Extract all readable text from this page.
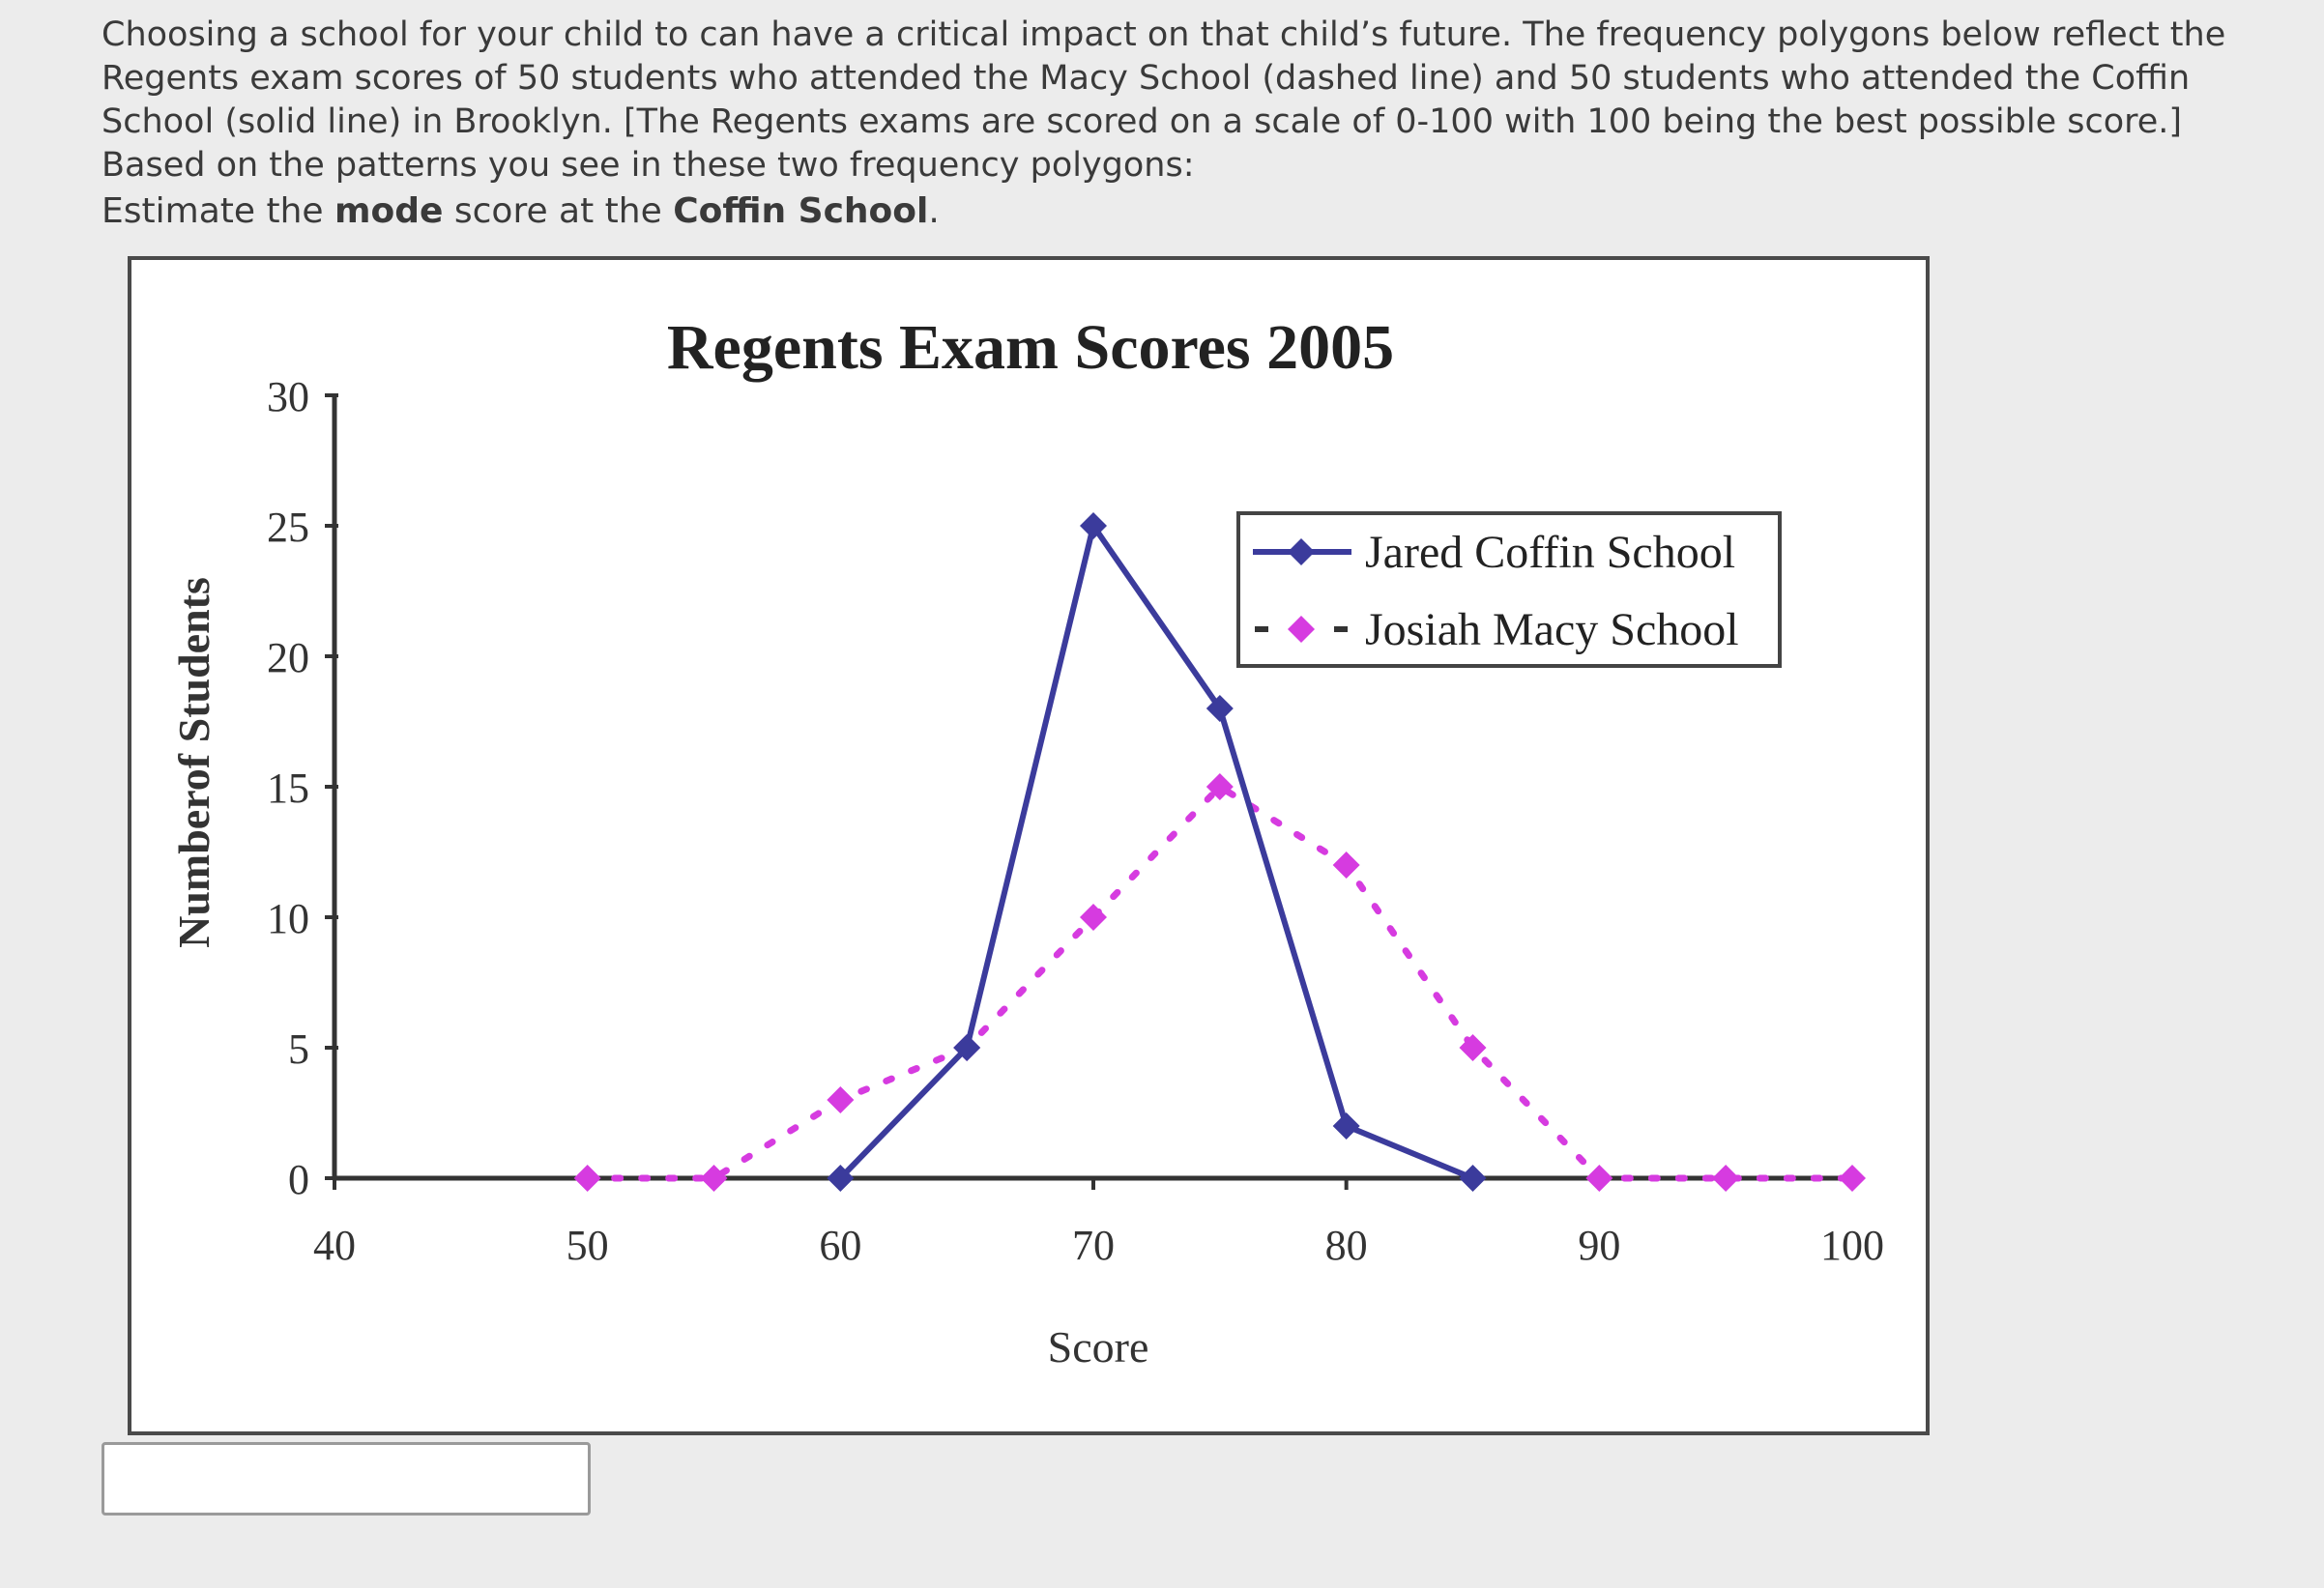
Choosing a school for your child to can have a critical impact on that child’s future. The frequency polygons below reflect the Regents exam scores of 50 students who attended the Macy School (dashed line) and 50 students who attended the Coffin School (solid line) in Brooklyn. [The Regents exams are scored on a scale of 0-100 with 100 being the best possible score.] Based on the patterns you see in these two frequency polygons:

Estimate the mode score at the Coffin School.
Regents Exam Scores 2005
Score
Numberof Students
0
5
10
15
20
25
30
40	50	60	70	80	90	100
Jared Coffin School
Josiah Macy School
